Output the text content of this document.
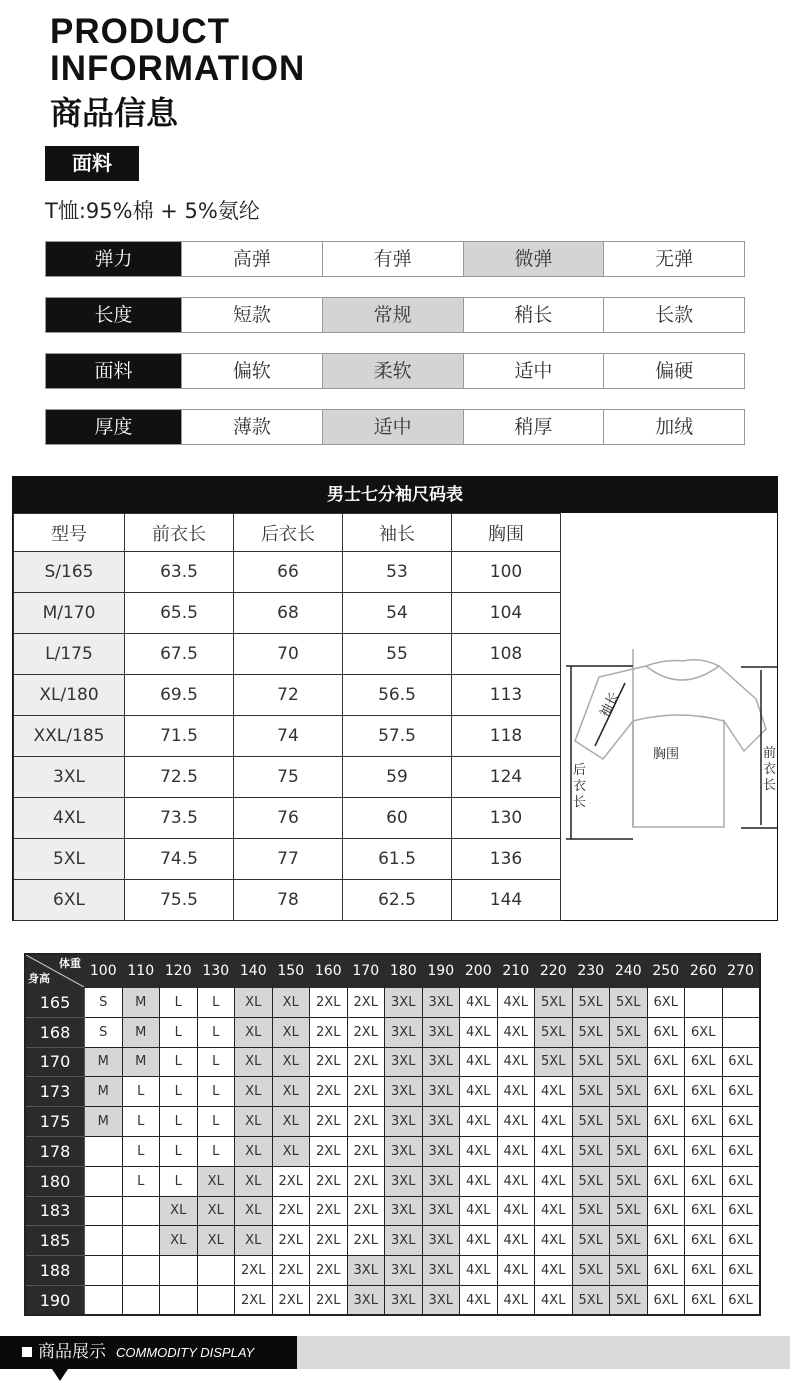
PRODUCT
INFORMATION
商品信息
面料
T恤:95%棉 + 5%氨纶
弹力	高弹	有弹	微弹	无弹
长度	短款	常规	稍长	长款
面料	偏软	柔软	适中	偏硬
厚度	薄款	适中	稍厚	加绒
男士七分袖尺码表
型号	前衣长	后衣长	袖长	胸围
S/165	63.5	66	53	100
M/170	65.5	68	54	104
L/175	67.5	70	55	108
XL/180	69.5	72	56.5	113
XXL/185	71.5	74	57.5	118
3XL	72.5	75	59	124
4XL	73.5	76	60	130
5XL	74.5	77	61.5	136
6XL	75.5	78	62.5	144
袖长
胸围
后衣长
前衣长
体重
身高	100	110	120	130	140	150	160	170	180	190	200	210	220	230	240	250	260	270
165	S	M	L	L	XL	XL	2XL	2XL	3XL	3XL	4XL	4XL	5XL	5XL	5XL	6XL		
168	S	M	L	L	XL	XL	2XL	2XL	3XL	3XL	4XL	4XL	5XL	5XL	5XL	6XL	6XL	
170	M	M	L	L	XL	XL	2XL	2XL	3XL	3XL	4XL	4XL	5XL	5XL	5XL	6XL	6XL	6XL
173	M	L	L	L	XL	XL	2XL	2XL	3XL	3XL	4XL	4XL	4XL	5XL	5XL	6XL	6XL	6XL
175	M	L	L	L	XL	XL	2XL	2XL	3XL	3XL	4XL	4XL	4XL	5XL	5XL	6XL	6XL	6XL
178		L	L	L	XL	XL	2XL	2XL	3XL	3XL	4XL	4XL	4XL	5XL	5XL	6XL	6XL	6XL
180		L	L	XL	XL	2XL	2XL	2XL	3XL	3XL	4XL	4XL	4XL	5XL	5XL	6XL	6XL	6XL
183			XL	XL	XL	2XL	2XL	2XL	3XL	3XL	4XL	4XL	4XL	5XL	5XL	6XL	6XL	6XL
185			XL	XL	XL	2XL	2XL	2XL	3XL	3XL	4XL	4XL	4XL	5XL	5XL	6XL	6XL	6XL
188					2XL	2XL	2XL	3XL	3XL	3XL	4XL	4XL	4XL	5XL	5XL	6XL	6XL	6XL
190					2XL	2XL	2XL	3XL	3XL	3XL	4XL	4XL	4XL	5XL	5XL	6XL	6XL	6XL
商品展示 COMMODITY DISPLAY
